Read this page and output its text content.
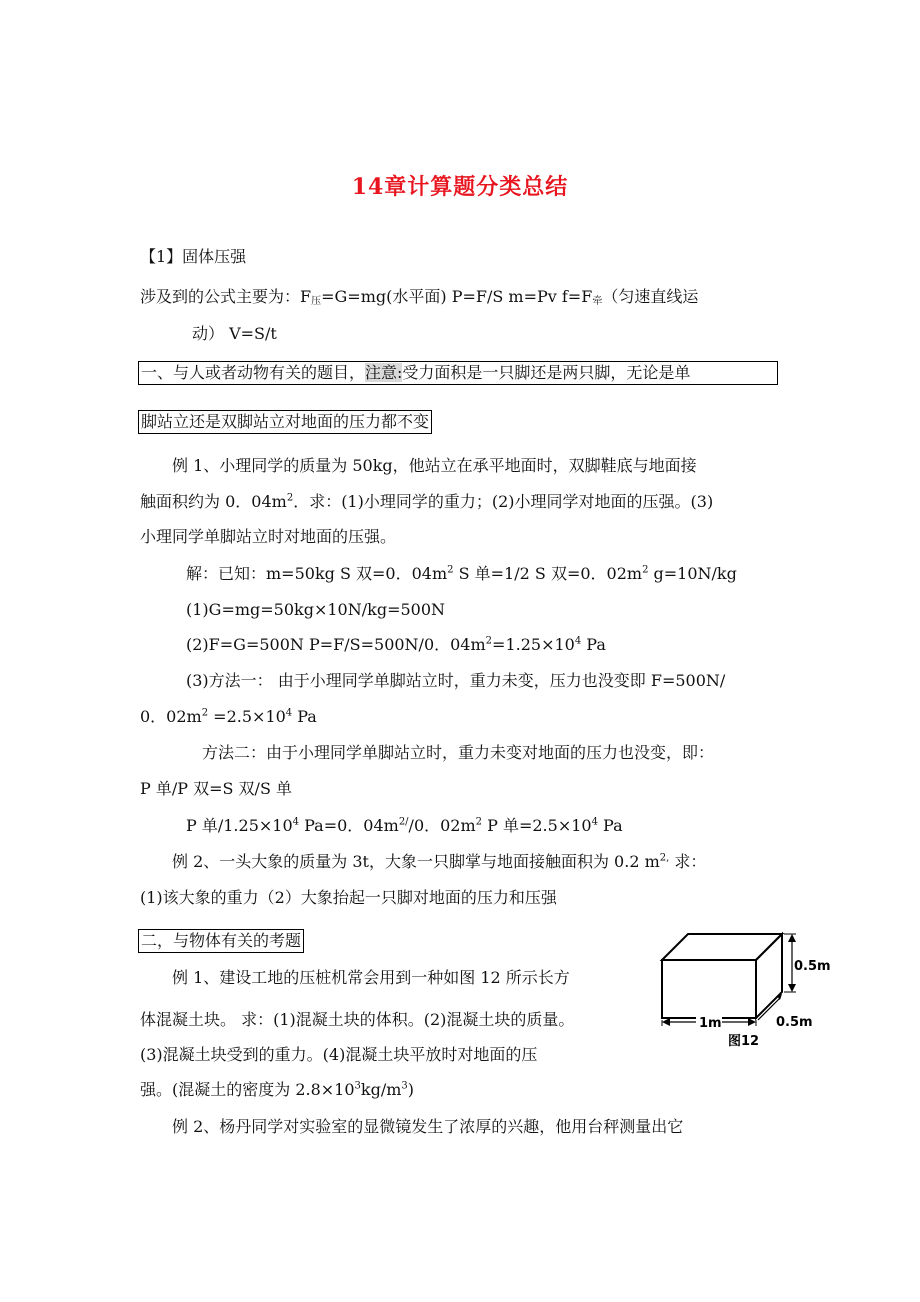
14章计算题分类总结
【1】固体压强
涉及到的公式主要为：$F_压=G=mg$(水平面) P=F/S m=Ρv $f=F_牵$（匀速直线运
动） V=S/t
一、与人或者动物有关的题目，注意:受力面积是一只脚还是两只脚，无论是单
脚站立还是双脚站立对地面的压力都不变
例 1、小理同学的质量为 50kg，他站立在承平地面时，双脚鞋底与地面接
触面积约为 0．$04m^2$．求：(1)小理同学的重力；(2)小理同学对地面的压强。(3)
小理同学单脚站立时对地面的压强。
解：已知：m=50kg S 双=0．$04m^2$ S 单=1/2 S 双=0．$02m^2$ g=10N/kg
(1)G=mg=50kg×10N/kg=500N
(2)F=G=500N P=F/S=500N/0．$04m^2=1.25\times 10^4$ Pa
(3)方法一： 由于小理同学单脚站立时，重力未变，压力也没变即 F=500N/
0．$02m^2 =2.5\times 10^4$ Pa
方法二：由于小理同学单脚站立时，重力未变对地面的压力也没变，即：
P 单/P 双=S 双/S 单
P 单$/1.25\times 10^4$ Pa=0．$04m^{2/}/0$．$02m^2$ P 单$=2.5\times 10^4$ Pa
例 2、一头大象的质量为 3t，大象一只脚掌与地面接触面积为 0.2 $m^{2,}$ 求：
(1)该大象的重力（2）大象抬起一只脚对地面的压力和压强
二，与物体有关的考题
例 1、建设工地的压桩机常会用到一种如图 12 所示长方
体混凝土块。 求：(1)混凝土块的体积。(2)混凝土块的质量。
(3)混凝土块受到的重力。(4)混凝土块平放时对地面的压
强。(混凝土的密度为 $2.8\times 10^3kg/m^3$)
例 2、杨丹同学对实验室的显微镜发生了浓厚的兴趣，他用台秤测量出它
0.5m
1m	0.5m
图12
